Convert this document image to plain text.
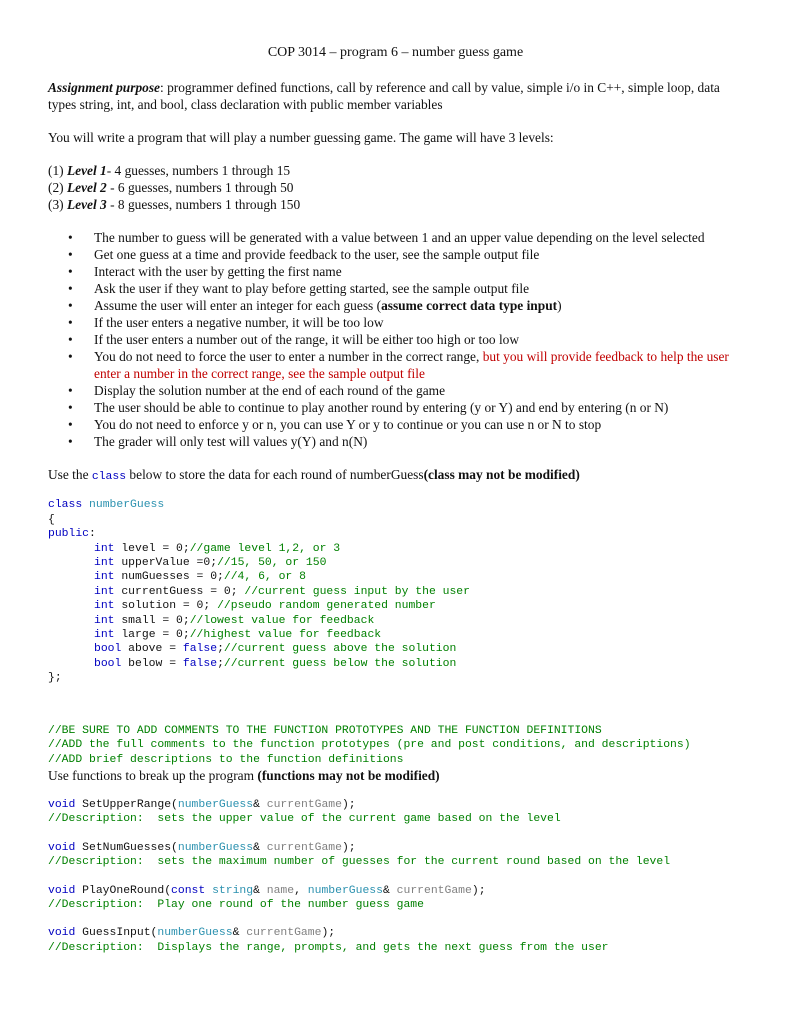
COP 3014 – program 6 – number guess game

Assignment purpose: programmer defined functions, call by reference and call by value, simple i/o in C++, simple loop, data types string, int, and bool, class declaration with public member variables

You will write a program that will play a number guessing game. The game will have 3 levels:

(1) Level 1- 4 guesses, numbers 1 through 15

(2) Level 2 - 6 guesses, numbers 1 through 50

(3) Level 3 - 8 guesses, numbers 1 through 150

• The number to guess will be generated with a value between 1 and an upper value depending on the level selected
• Get one guess at a time and provide feedback to the user, see the sample output file
• Interact with the user by getting the first name
• Ask the user if they want to play before getting started, see the sample output file
• Assume the user will enter an integer for each guess (assume correct data type input)
• If the user enters a negative number, it will be too low
• If the user enters a number out of the range, it will be either too high or too low
• You do not need to force the user to enter a number in the correct range, but you will provide feedback to help the user enter a number in the correct range, see the sample output file
• Display the solution number at the end of each round of the game
• The user should be able to continue to play another round by entering (y or Y) and end by entering (n or N)
• You do not need to enforce y or n, you can use Y or y to continue or you can use n or N to stop
• The grader will only test will values y(Y) and n(N)

Use the class below to store the data for each round of numberGuess(class may not be modified)

class numberGuess
{
public:
int level = 0;//game level 1,2, or 3
int upperValue =0;//15, 50, or 150
int numGuesses = 0;//4, 6, or 8
int currentGuess = 0; //current guess input by the user
int solution = 0; //pseudo random generated number
int small = 0;//lowest value for feedback
int large = 0;//highest value for feedback
bool above = false;//current guess above the solution
bool below = false;//current guess below the solution
};
//BE SURE TO ADD COMMENTS TO THE FUNCTION PROTOTYPES AND THE FUNCTION DEFINITIONS
//ADD the full comments to the function prototypes (pre and post conditions, and descriptions)
//ADD brief descriptions to the function definitions

Use functions to break up the program (functions may not be modified)

void SetUpperRange(numberGuess& currentGame);
//Description:  sets the upper value of the current game based on the level
void SetNumGuesses(numberGuess& currentGame);
//Description:  sets the maximum number of guesses for the current round based on the level
void PlayOneRound(const string& name, numberGuess& currentGame);
//Description:  Play one round of the number guess game
void GuessInput(numberGuess& currentGame);
//Description:  Displays the range, prompts, and gets the next guess from the user
